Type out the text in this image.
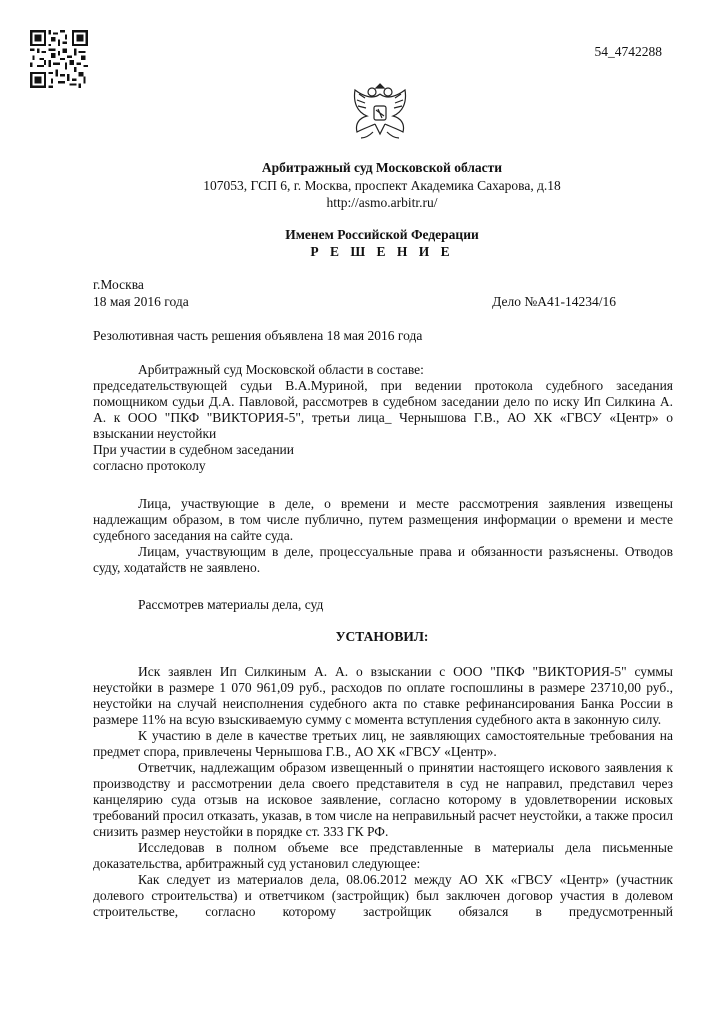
54_4742288
Арбитражный суд Московской области
107053, ГСП 6, г. Москва, проспект Академика Сахарова, д.18
http://asmo.arbitr.ru/
Именем Российской Федерации
Р Е Ш Е Н И Е
г.Москва
18 мая 2016 года	Дело №А41-14234/16
Резолютивная часть решения объявлена 18 мая 2016 года

Арбитражный суд Московской области в составе:

председательствующей судьи В.А.Муриной, при ведении протокола судебного заседания помощником судьи Д.А. Павловой, рассмотрев в судебном заседании дело по иску Ип Силкина А. А. к ООО "ПКФ "ВИКТОРИЯ-5", третьи лица_ Чернышова Г.В., АО ХК «ГВСУ «Центр» о взыскании неустойки

При участии в судебном заседании

согласно протоколу

Лица, участвующие в деле, о времени и месте рассмотрения заявления извещены надлежащим образом, в том числе публично, путем размещения информации о времени и месте судебного заседания на сайте суда.

Лицам, участвующим в деле, процессуальные права и обязанности разъяснены. Отводов суду, ходатайств не заявлено.

Рассмотрев материалы дела, суд

УСТАНОВИЛ:

Иск заявлен Ип Силкиным А. А. о взыскании с ООО "ПКФ "ВИКТОРИЯ-5" суммы неустойки в размере 1 070 961,09 руб., расходов по оплате госпошлины в размере 23710,00 руб., неустойки на случай неисполнения судебного акта по ставке рефинансирования Банка России в размере 11% на всую взыскиваемую сумму с момента вступления судебного акта в законную силу.

К участию в деле в качестве третьих лиц, не заявляющих самостоятельные требования на предмет спора, привлечены Чернышова Г.В., АО ХК «ГВСУ «Центр».

Ответчик, надлежащим образом извещенный о принятии настоящего искового заявления к производству и рассмотрении дела своего представителя в суд не направил, представил через канцелярию суда отзыв на исковое заявление, согласно которому в удовлетворении исковых требований просил отказать, указав, в том числе на неправильный расчет неустойки, а также просил снизить размер неустойки в порядке ст. 333 ГК РФ.

Исследовав в полном объеме все представленные в материалы дела письменные доказательства, арбитражный суд установил следующее:

Как следует из материалов дела, 08.06.2012 между АО ХК «ГВСУ «Центр» (участник долевого строительства) и ответчиком (застройщик) был заключен договор участия в долевом строительстве, согласно которому застройщик обязался в предусмотренный
